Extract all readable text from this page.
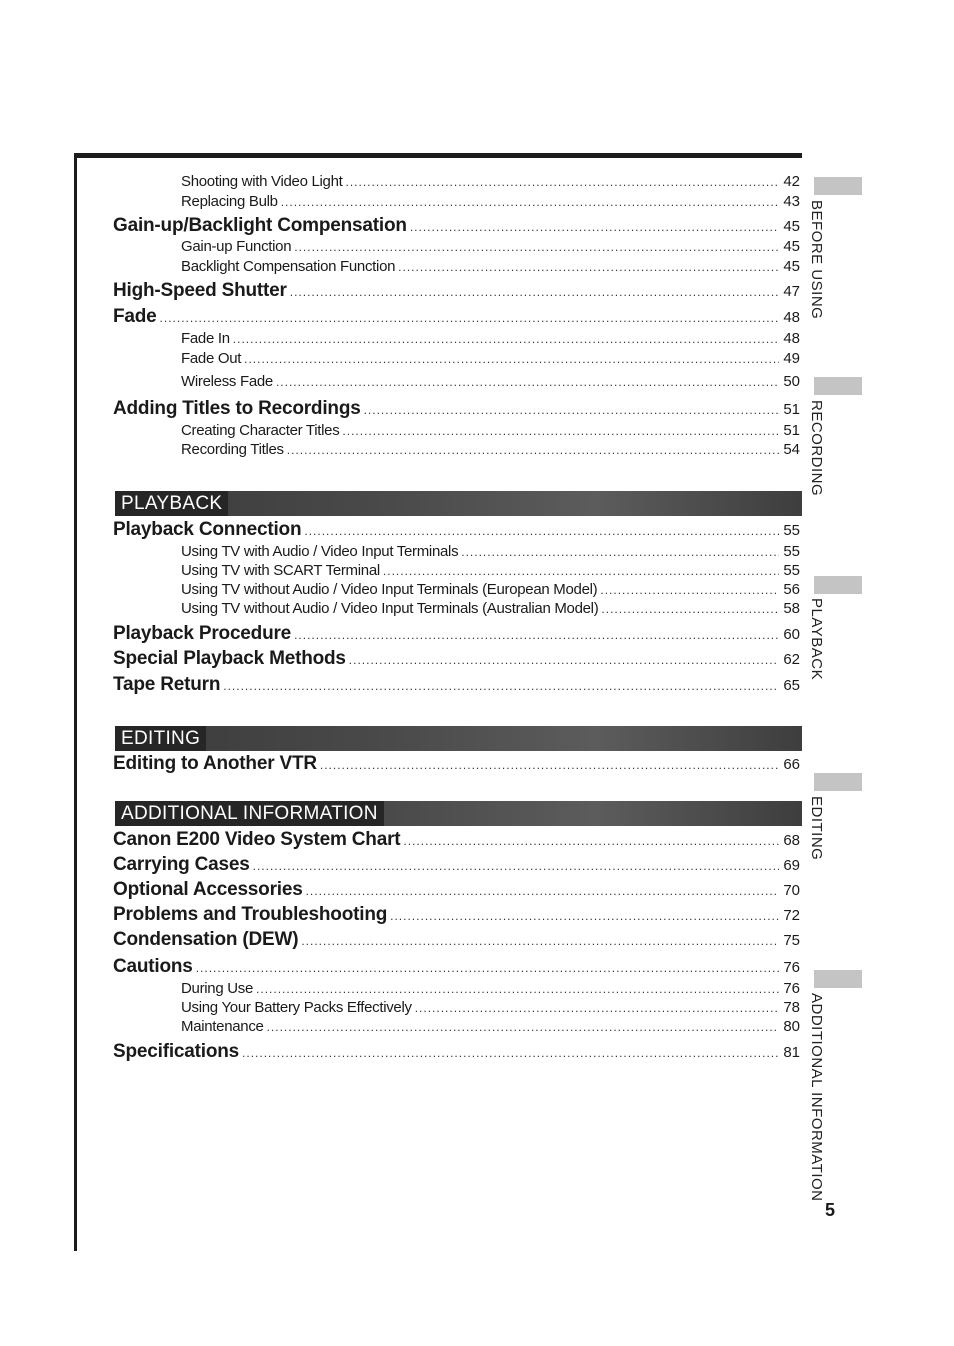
Shooting with Video Light .....	42
Replacing Bulb .....	43
Gain-up/Backlight Compensation .....	45
Gain-up Function .....	45
Backlight Compensation Function .....	45
High-Speed Shutter .....	47
Fade .....	48
Fade In .....	48
Fade Out .....	49
Wireless Fade .....	50
Adding Titles to Recordings .....	51
Creating Character Titles .....	51
Recording Titles .....	54
PLAYBACK
Playback Connection .....	55
Using TV with Audio / Video Input Terminals .....	55
Using TV with SCART Terminal .....	55
Using TV without Audio / Video Input Terminals (European Model) .....	56
Using TV without Audio / Video Input Terminals (Australian Model) .....	58
Playback Procedure .....	60
Special Playback Methods .....	62
Tape Return .....	65
EDITING
Editing to Another VTR .....	66
ADDITIONAL INFORMATION
Canon E200 Video System Chart .....	68
Carrying Cases .....	69
Optional Accessories .....	70
Problems and Troubleshooting .....	72
Condensation (DEW) .....	75
Cautions .....	76
During Use .....	76
Using Your Battery Packs Effectively .....	78
Maintenance .....	80
Specifications .....	81
BEFORE USING
RECORDING
PLAYBACK
EDITING
ADDITIONAL INFORMATION
5
